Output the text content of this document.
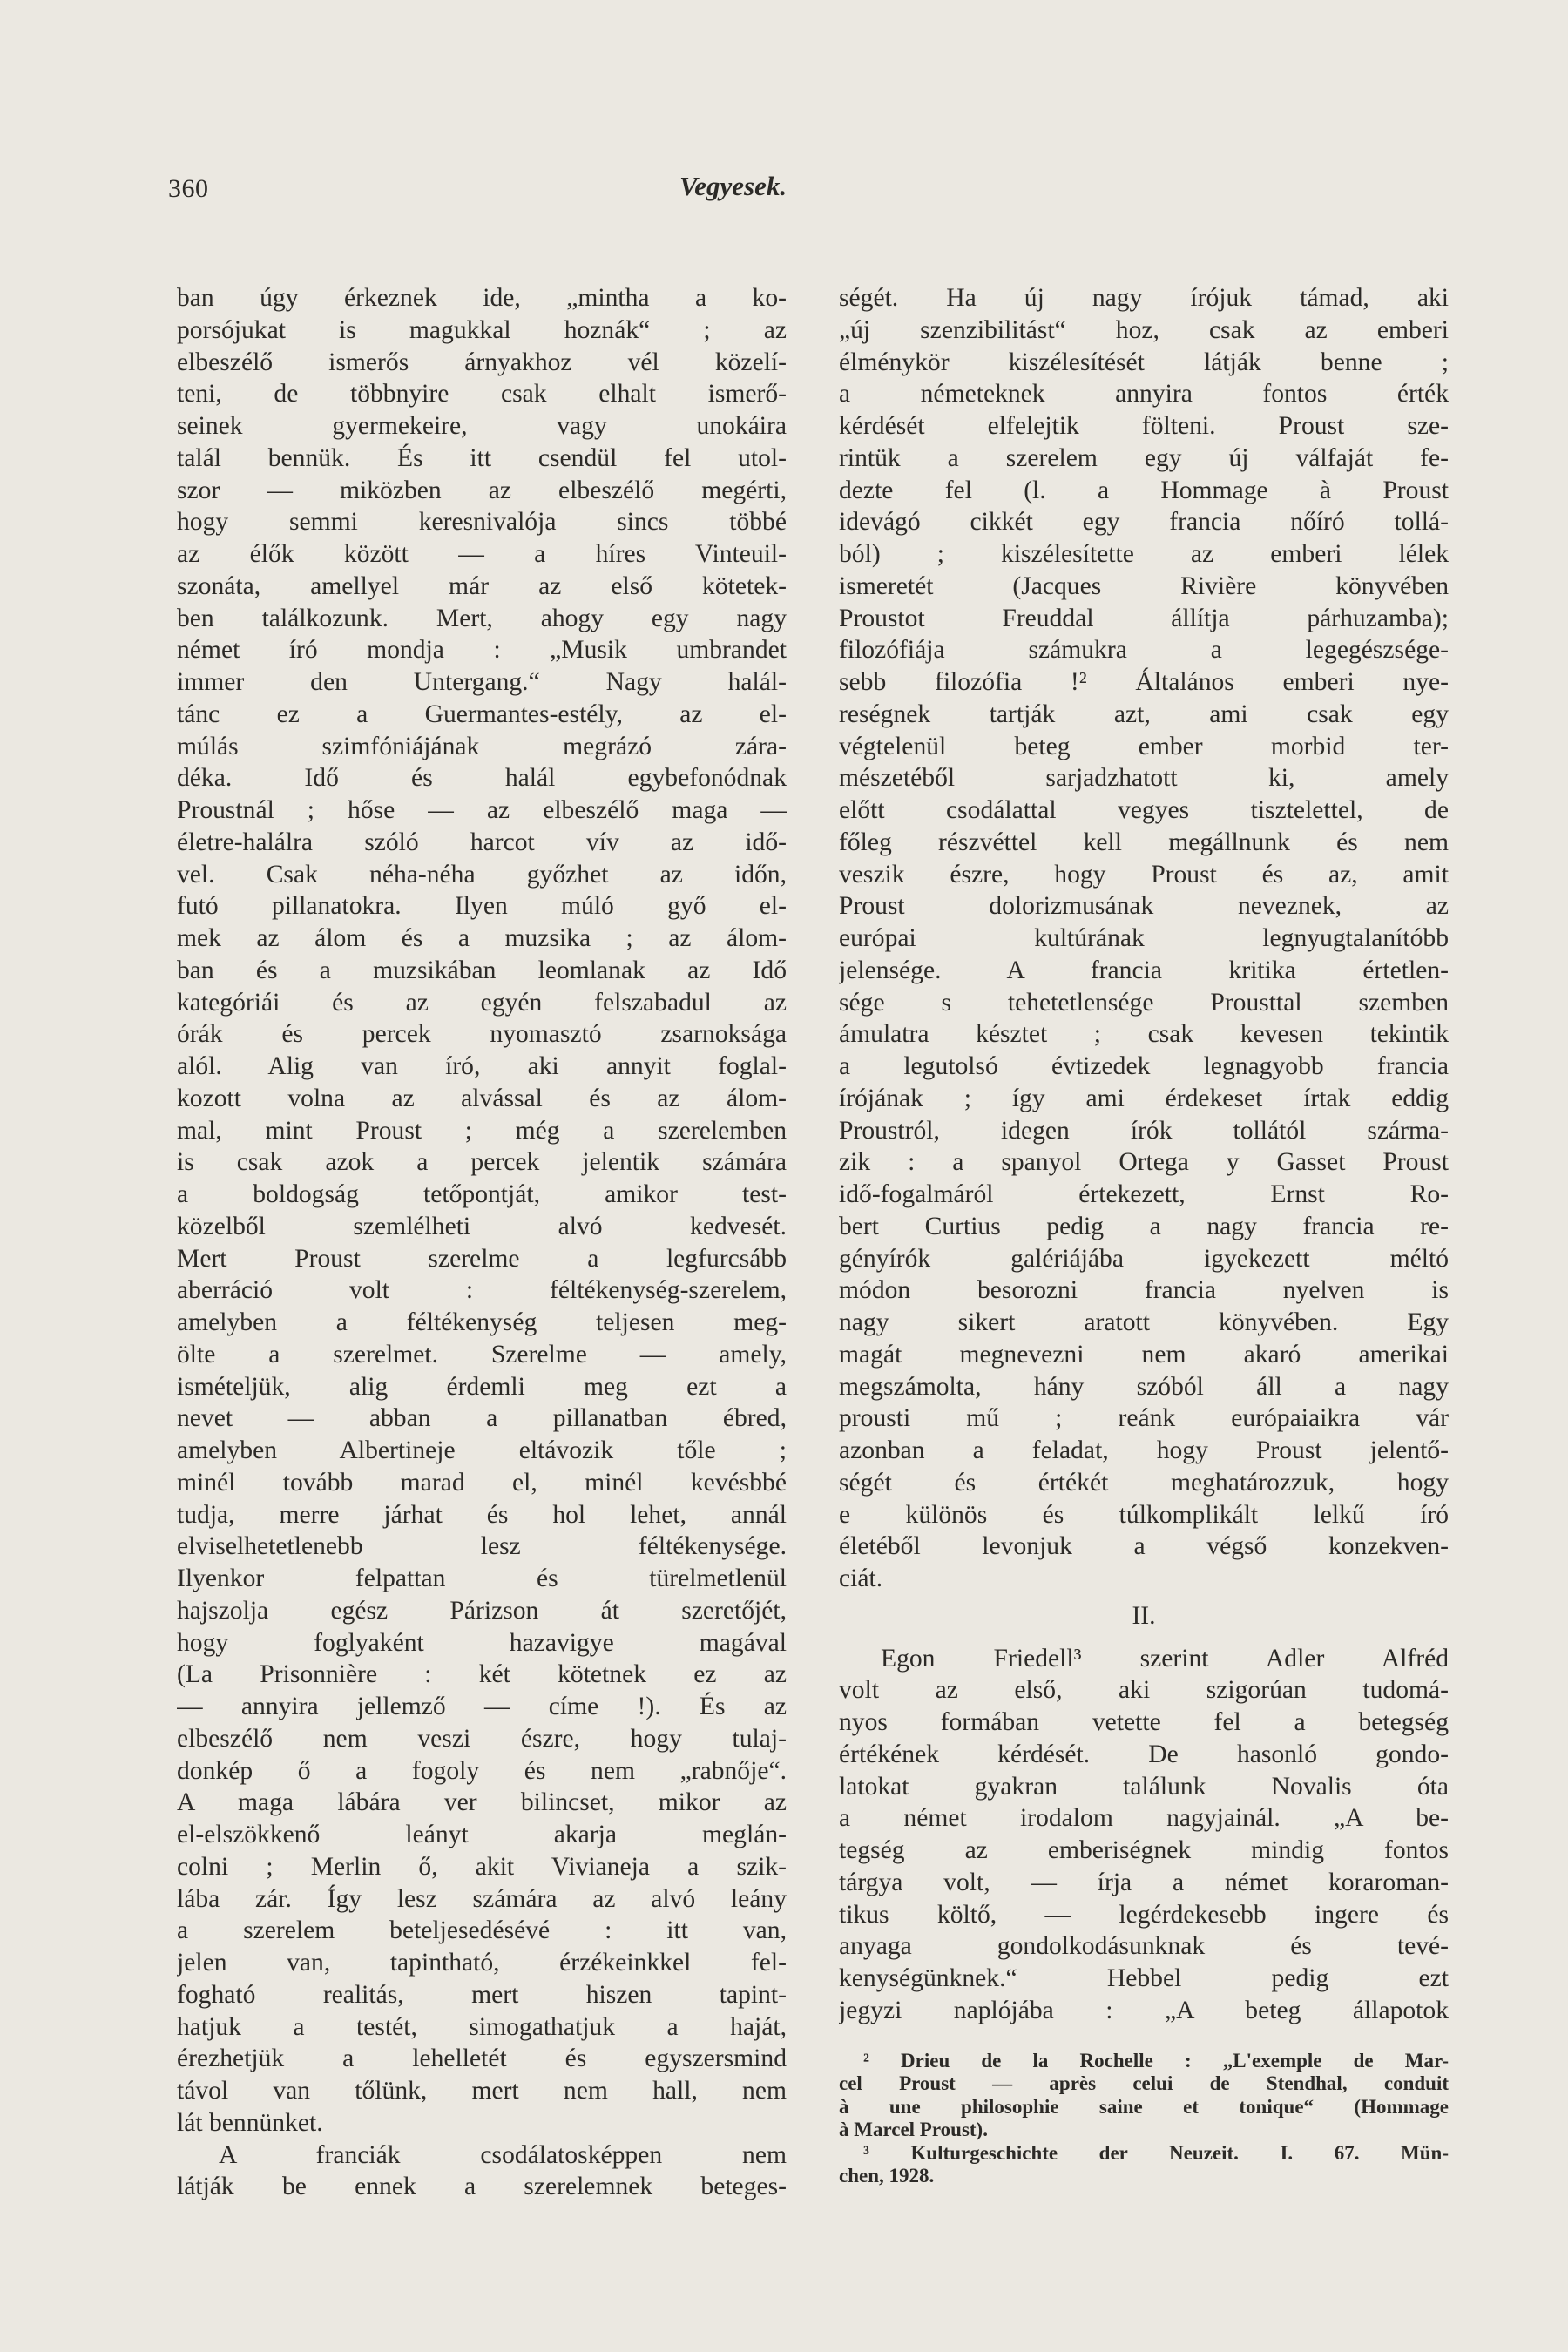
360	Vegyesek.
ban úgy érkeznek ide, „mintha a ko-
porsójukat is magukkal hoznák“ ; az
elbeszélő ismerős árnyakhoz vél közelí-
teni, de többnyire csak elhalt ismerő-
seinek gyermekeire, vagy unokáira
talál bennük. És itt csendül fel utol-
szor — miközben az elbeszélő megérti,
hogy semmi keresnivalója sincs többé
az élők között — a híres Vinteuil-
szonáta, amellyel már az első kötetek-
ben találkozunk. Mert, ahogy egy nagy
német író mondja : „Musik umbrandet
immer den Untergang.“ Nagy halál-
tánc ez a Guermantes-estély, az el-
múlás szimfóniájának megrázó zára-
déka. Idő és halál egybefonódnak
Proustnál ; hőse — az elbeszélő maga —
életre-halálra szóló harcot vív az idő-
vel. Csak néha-néha győzhet az időn,
futó pillanatokra. Ilyen múló győ el-
mek az álom és a muzsika ; az álom-
ban és a muzsikában leomlanak az Idő
kategóriái és az egyén felszabadul az
órák és percek nyomasztó zsarnoksága
alól. Alig van író, aki annyit foglal-
kozott volna az alvással és az álom-
mal, mint Proust ; még a szerelemben
is csak azok a percek jelentik számára
a boldogság tetőpontját, amikor test-
közelből szemlélheti alvó kedvesét.
Mert Proust szerelme a legfurcsább
aberráció volt : féltékenység-szerelem,
amelyben a féltékenység teljesen meg-
ölte a szerelmet. Szerelme — amely,
ismételjük, alig érdemli meg ezt a
nevet — abban a pillanatban ébred,
amelyben Albertineje eltávozik tőle ;
minél tovább marad el, minél kevésbbé
tudja, merre járhat és hol lehet, annál
elviselhetetlenebb lesz féltékenysége.
Ilyenkor felpattan és türelmetlenül
hajszolja egész Párizson át szeretőjét,
hogy foglyaként hazavigye magával
(La Prisonnière : két kötetnek ez az
— annyira jellemző — címe !). És az
elbeszélő nem veszi észre, hogy tulaj-
donkép ő a fogoly és nem „rabnője“.
A maga lábára ver bilincset, mikor az
el-elszökkenő leányt akarja meglán-
colni ; Merlin ő, akit Vivianeja a szik-
lába zár. Így lesz számára az alvó leány
a szerelem beteljesedésévé : itt van,
jelen van, tapintható, érzékeinkkel fel-
fogható realitás, mert hiszen tapint-
hatjuk a testét, simogathatjuk a haját,
érezhetjük a lehelletét és egyszersmind
távol van tőlünk, mert nem hall, nem
lát bennünket.
A franciák csodálatosképpen nem
látják be ennek a szerelemnek beteges-
ségét. Ha új nagy írójuk támad, aki
„új szenzibilitást“ hoz, csak az emberi
élménykör kiszélesítését látják benne ;
a németeknek annyira fontos érték
kérdését elfelejtik fölteni. Proust sze-
rintük a szerelem egy új válfaját fe-
dezte fel (l. a Hommage à Proust
idevágó cikkét egy francia nőíró tollá-
ból) ; kiszélesítette az emberi lélek
ismeretét (Jacques Rivière könyvében
Proustot Freuddal állítja párhuzamba);
filozófiája számukra a legegészsége-
sebb filozófia !² Általános emberi nye-
reségnek tartják azt, ami csak egy
végtelenül beteg ember morbid ter-
mészetéből sarjadzhatott ki, amely
előtt csodálattal vegyes tisztelettel, de
főleg részvéttel kell megállnunk és nem
veszik észre, hogy Proust és az, amit
Proust dolorizmusának neveznek, az
európai kultúrának legnyugtalanítóbb
jelensége. A francia kritika értetlen-
sége s tehetetlensége Prousttal szemben
ámulatra késztet ; csak kevesen tekintik
a legutolsó évtizedek legnagyobb francia
írójának ; így ami érdekeset írtak eddig
Proustról, idegen írók tollától szárma-
zik : a spanyol Ortega y Gasset Proust
idő-fogalmáról értekezett, Ernst Ro-
bert Curtius pedig a nagy francia re-
gényírók galériájába igyekezett méltó
módon besorozni francia nyelven is
nagy sikert aratott könyvében. Egy
magát megnevezni nem akaró amerikai
megszámolta, hány szóból áll a nagy
prousti mű ; reánk európaiaikra vár
azonban a feladat, hogy Proust jelentő-
ségét és értékét meghatározzuk, hogy
e különös és túlkomplikált lelkű író
életéből levonjuk a végső konzekven-
ciát.
II.
Egon Friedell³ szerint Adler Alfréd
volt az első, aki szigorúan tudomá-
nyos formában vetette fel a betegség
értékének kérdését. De hasonló gondo-
latokat gyakran találunk Novalis óta
a német irodalom nagyjainál. „A be-
tegség az emberiségnek mindig fontos
tárgya volt, — írja a német koraroman-
tikus költő, — legérdekesebb ingere és
anyaga gondolkodásunknak és tevé-
kenységünknek.“ Hebbel pedig ezt
jegyzi naplójába : „A beteg állapotok
² Drieu de la Rochelle : „L'exemple de Mar-
cel Proust — après celui de Stendhal, conduit
à une philosophie saine et tonique“ (Hommage
à Marcel Proust).
³ Kulturgeschichte der Neuzeit. I. 67. Mün-
chen, 1928.
